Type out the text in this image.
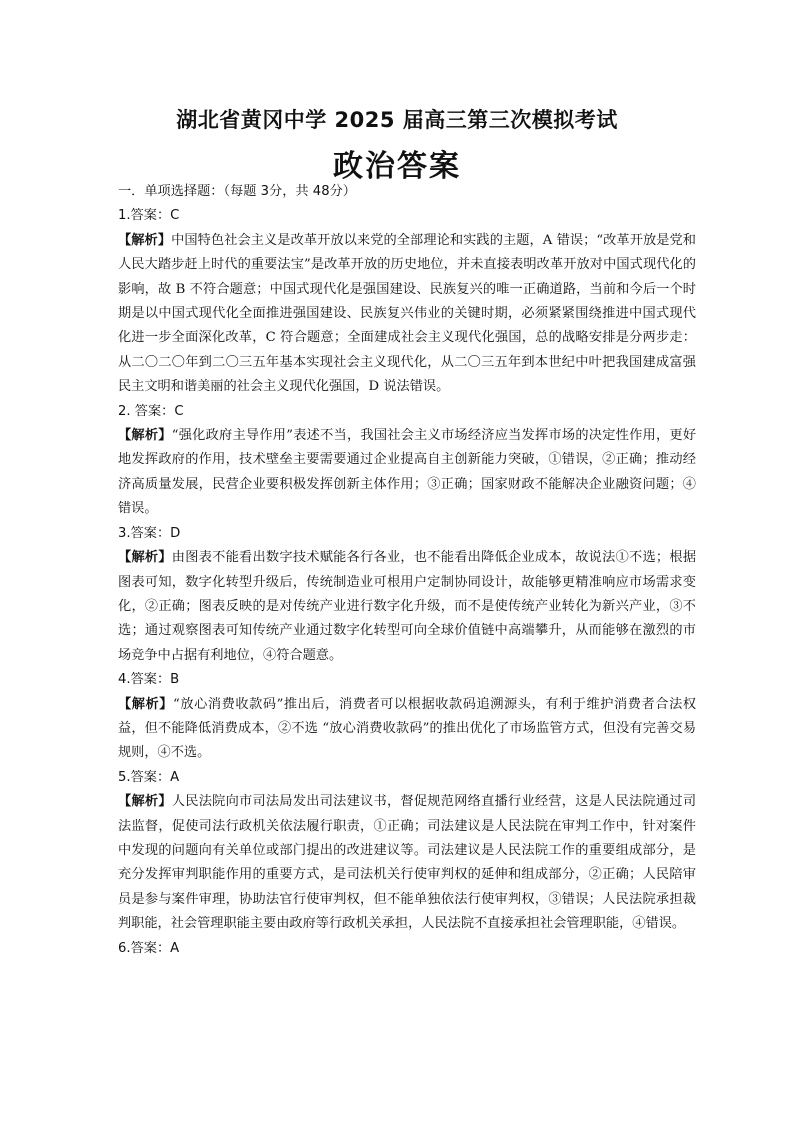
湖北省黄冈中学 2025 届高三第三次模拟考试
政治答案

一．单项选择题：（每题 3分，共 48分）

1.答案：C

【解析】中国特色社会主义是改革开放以来党的全部理论和实践的主题，A 错误；“改革开放是党和人民大踏步赶上时代的重要法宝”是改革开放的历史地位，并未直接表明改革开放对中国式现代化的影响，故 B 不符合题意；中国式现代化是强国建设、民族复兴的唯一正确道路，当前和今后一个时期是以中国式现代化全面推进强国建设、民族复兴伟业的关键时期，必须紧紧围绕推进中国式现代化进一步全面深化改革，C 符合题意；全面建成社会主义现代化强国，总的战略安排是分两步走：从二〇二〇年到二〇三五年基本实现社会主义现代化，从二〇三五年到本世纪中叶把我国建成富强民主文明和谐美丽的社会主义现代化强国，D 说法错误。

2. 答案：C

【解析】“强化政府主导作用”表述不当，我国社会主义市场经济应当发挥市场的决定性作用，更好地发挥政府的作用，技术壁垒主要需要通过企业提高自主创新能力突破，①错误，②正确；推动经济高质量发展，民营企业要积极发挥创新主体作用；③正确；国家财政不能解决企业融资问题；④错误。

3.答案：D

【解析】由图表不能看出数字技术赋能各行各业，也不能看出降低企业成本，故说法①不选；根据图表可知，数字化转型升级后，传统制造业可根用户定制协同设计，故能够更精准响应市场需求变化，②正确；图表反映的是对传统产业进行数字化升级，而不是使传统产业转化为新兴产业，③不选；通过观察图表可知传统产业通过数字化转型可向全球价值链中高端攀升，从而能够在激烈的市场竞争中占据有利地位，④符合题意。

4.答案：B

【解析】“放心消费收款码”推出后，消费者可以根据收款码追溯源头，有利于维护消费者合法权益，但不能降低消费成本，②不选 “放心消费收款码”的推出优化了市场监管方式，但没有完善交易规则，④不选。

5.答案：A

【解析】人民法院向市司法局发出司法建议书，督促规范网络直播行业经营，这是人民法院通过司法监督，促使司法行政机关依法履行职责，①正确；司法建议是人民法院在审判工作中，针对案件中发现的问题向有关单位或部门提出的改进建议等。司法建议是人民法院工作的重要组成部分，是充分发挥审判职能作用的重要方式，是司法机关行使审判权的延伸和组成部分，②正确；人民陪审员是参与案件审理，协助法官行使审判权，但不能单独依法行使审判权，③错误；人民法院承担裁判职能，社会管理职能主要由政府等行政机关承担，人民法院不直接承担社会管理职能，④错误。

6.答案：A
